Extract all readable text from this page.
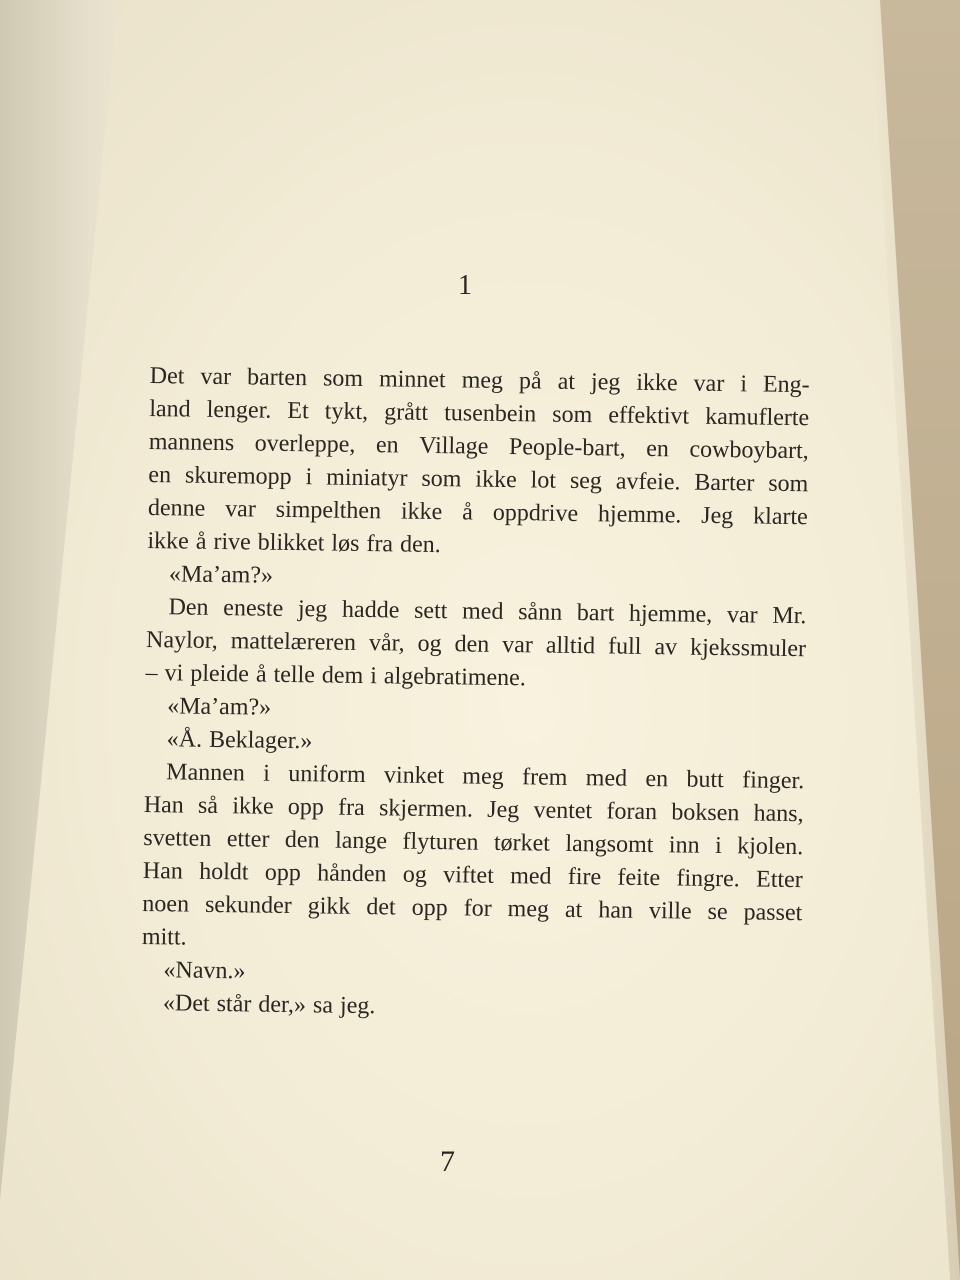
1
Det var barten som minnet meg på at jeg ikke var i Eng-
land lenger. Et tykt, grått tusenbein som effektivt kamuflerte
mannens overleppe, en Village People-bart, en cowboybart,
en skuremopp i miniatyr som ikke lot seg avfeie. Barter som
denne var simpelthen ikke å oppdrive hjemme. Jeg klarte
ikke å rive blikket løs fra den.
«Ma’am?»
Den eneste jeg hadde sett med sånn bart hjemme, var Mr.
Naylor, mattelæreren vår, og den var alltid full av kjekssmuler
– vi pleide å telle dem i algebratimene.
«Ma’am?»
«Å. Beklager.»
Mannen i uniform vinket meg frem med en butt finger.
Han så ikke opp fra skjermen. Jeg ventet foran boksen hans,
svetten etter den lange flyturen tørket langsomt inn i kjolen.
Han holdt opp hånden og viftet med fire feite fingre. Etter
noen sekunder gikk det opp for meg at han ville se passet
mitt.
«Navn.»
«Det står der,» sa jeg.
7
